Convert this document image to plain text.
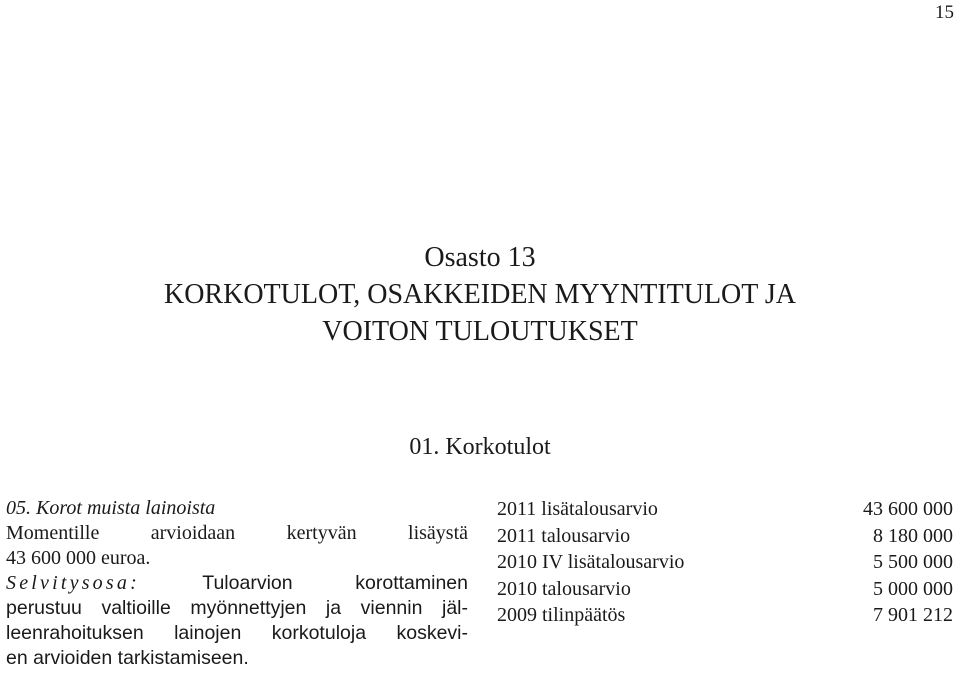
15
Osasto 13
KORKOTULOT, OSAKKEIDEN MYYNTITULOT JA
VOITON TULOUTUKSET
01. Korkotulot
05. Korot muista lainoista
Momentille arvioidaan kertyvän lisäystä
43 600 000 euroa.
Selvitysosa: Tuloarvion korottaminen
perustuu valtioille myönnettyjen ja viennin jäl-
leenrahoituksen lainojen korkotuloja koskevi-
en arvioiden tarkistamiseen.
2011 lisätalousarvio	43 600 000
2011 talousarvio	8 180 000
2010 IV lisätalousarvio	5 500 000
2010 talousarvio	5 000 000
2009 tilinpäätös	7 901 212
